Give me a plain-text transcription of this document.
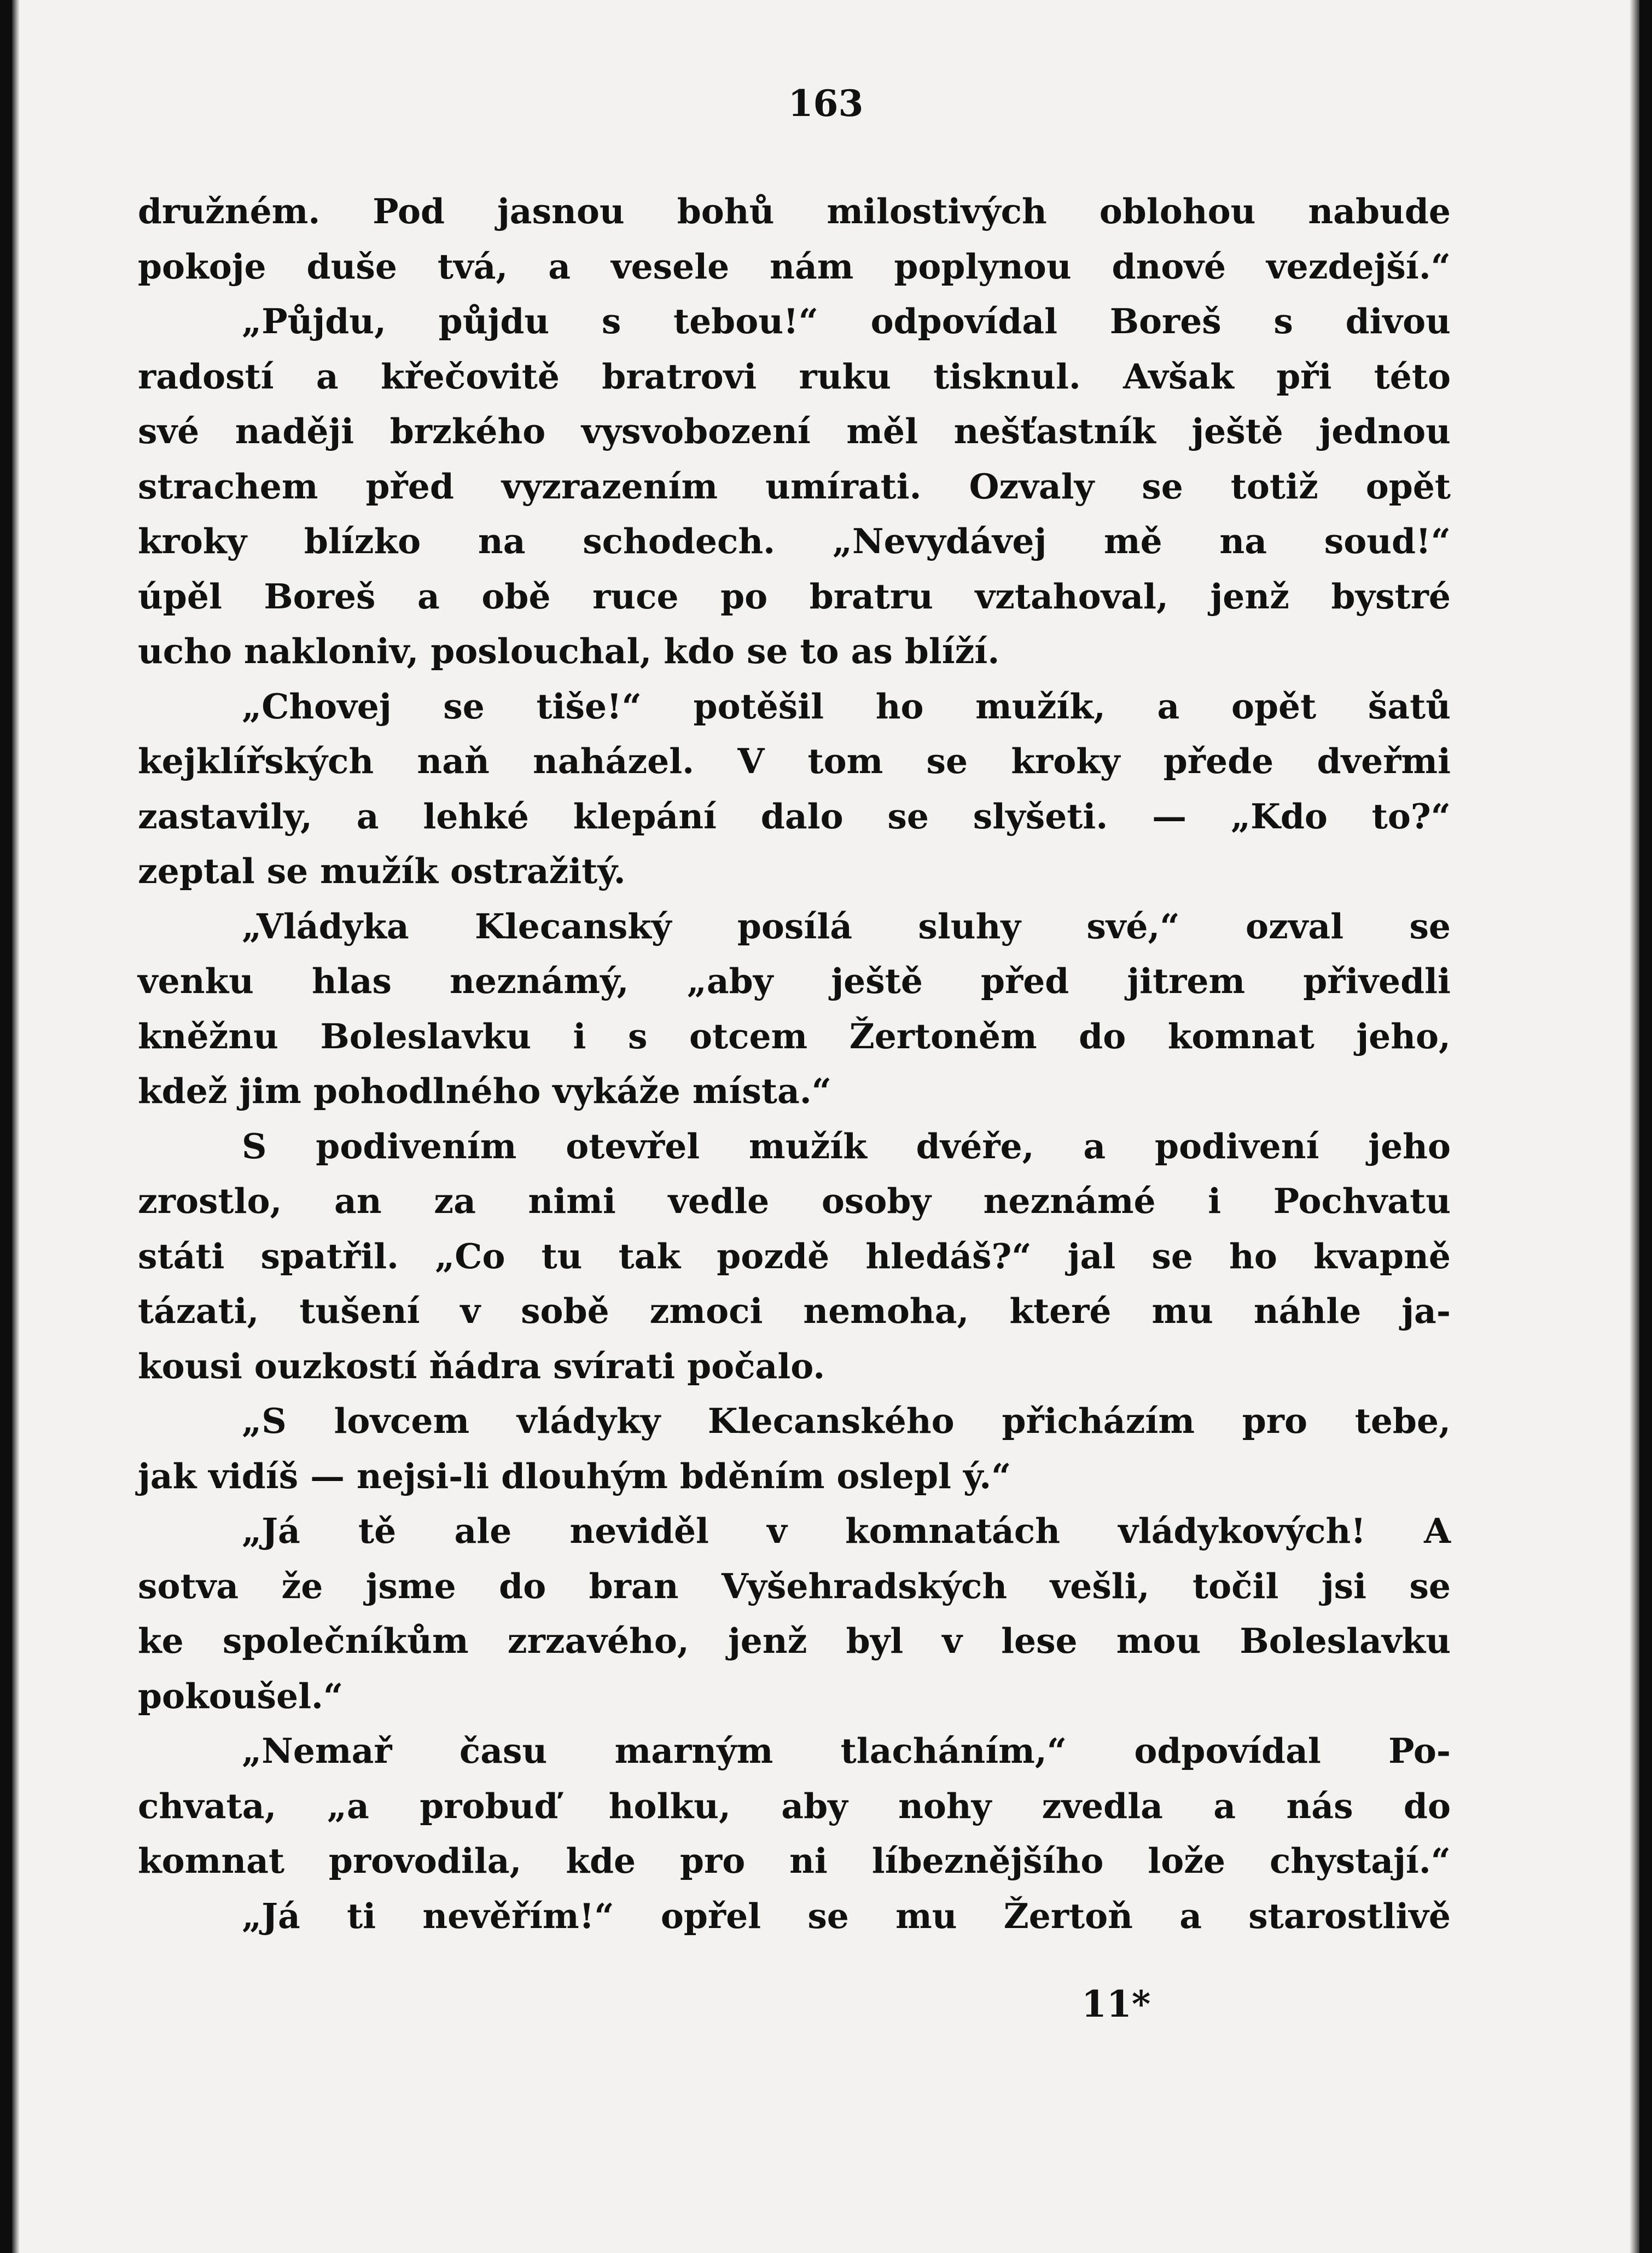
163
družném. Pod jasnou bohů milostivých oblohou nabude
pokoje duše tvá, a vesele nám poplynou dnové vezdejší.“
„Půjdu, půjdu s tebou!“ odpovídal Boreš s divou
radostí a křečovitě bratrovi ruku tisknul. Avšak při této
své naději brzkého vysvobození měl nešťastník ještě jednou
strachem před vyzrazením umírati. Ozvaly se totiž opět
kroky blízko na schodech. „Nevydávej mě na soud!“
úpěl Boreš a obě ruce po bratru vztahoval, jenž bystré
ucho nakloniv, poslouchal, kdo se to as blíží.
„Chovej se tiše!“ potěšil ho mužík, a opět šatů
kejklířských naň naházel. V tom se kroky přede dveřmi
zastavily, a lehké klepání dalo se slyšeti. — „Kdo to?“
zeptal se mužík ostražitý.
„Vládyka Klecanský posílá sluhy své,“ ozval se
venku hlas neznámý, „aby ještě před jitrem přivedli
kněžnu Boleslavku i s otcem Žertoněm do komnat jeho,
kdež jim pohodlného vykáže místa.“
S podivením otevřel mužík dvéře, a podivení jeho
zrostlo, an za nimi vedle osoby neznámé i Pochvatu
státi spatřil. „Co tu tak pozdě hledáš?“ jal se ho kvapně
tázati, tušení v sobě zmoci nemoha, které mu náhle ja-
kousi ouzkostí ňádra svírati počalo.
„S lovcem vládyky Klecanského přicházím pro tebe,
jak vidíš — nejsi-li dlouhým bděním oslepl ý.“
„Já tě ale neviděl v komnatách vládykových! A
sotva že jsme do bran Vyšehradských vešli, točil jsi se
ke společníkům zrzavého, jenž byl v lese mou Boleslavku
pokoušel.“
„Nemař času marným tlacháním,“ odpovídal Po-
chvata, „a probuď holku, aby nohy zvedla a nás do
komnat provodila, kde pro ni líbeznějšího lože chystají.“
„Já ti nevěřím!“ opřel se mu Žertoň a starostlivě
11*
